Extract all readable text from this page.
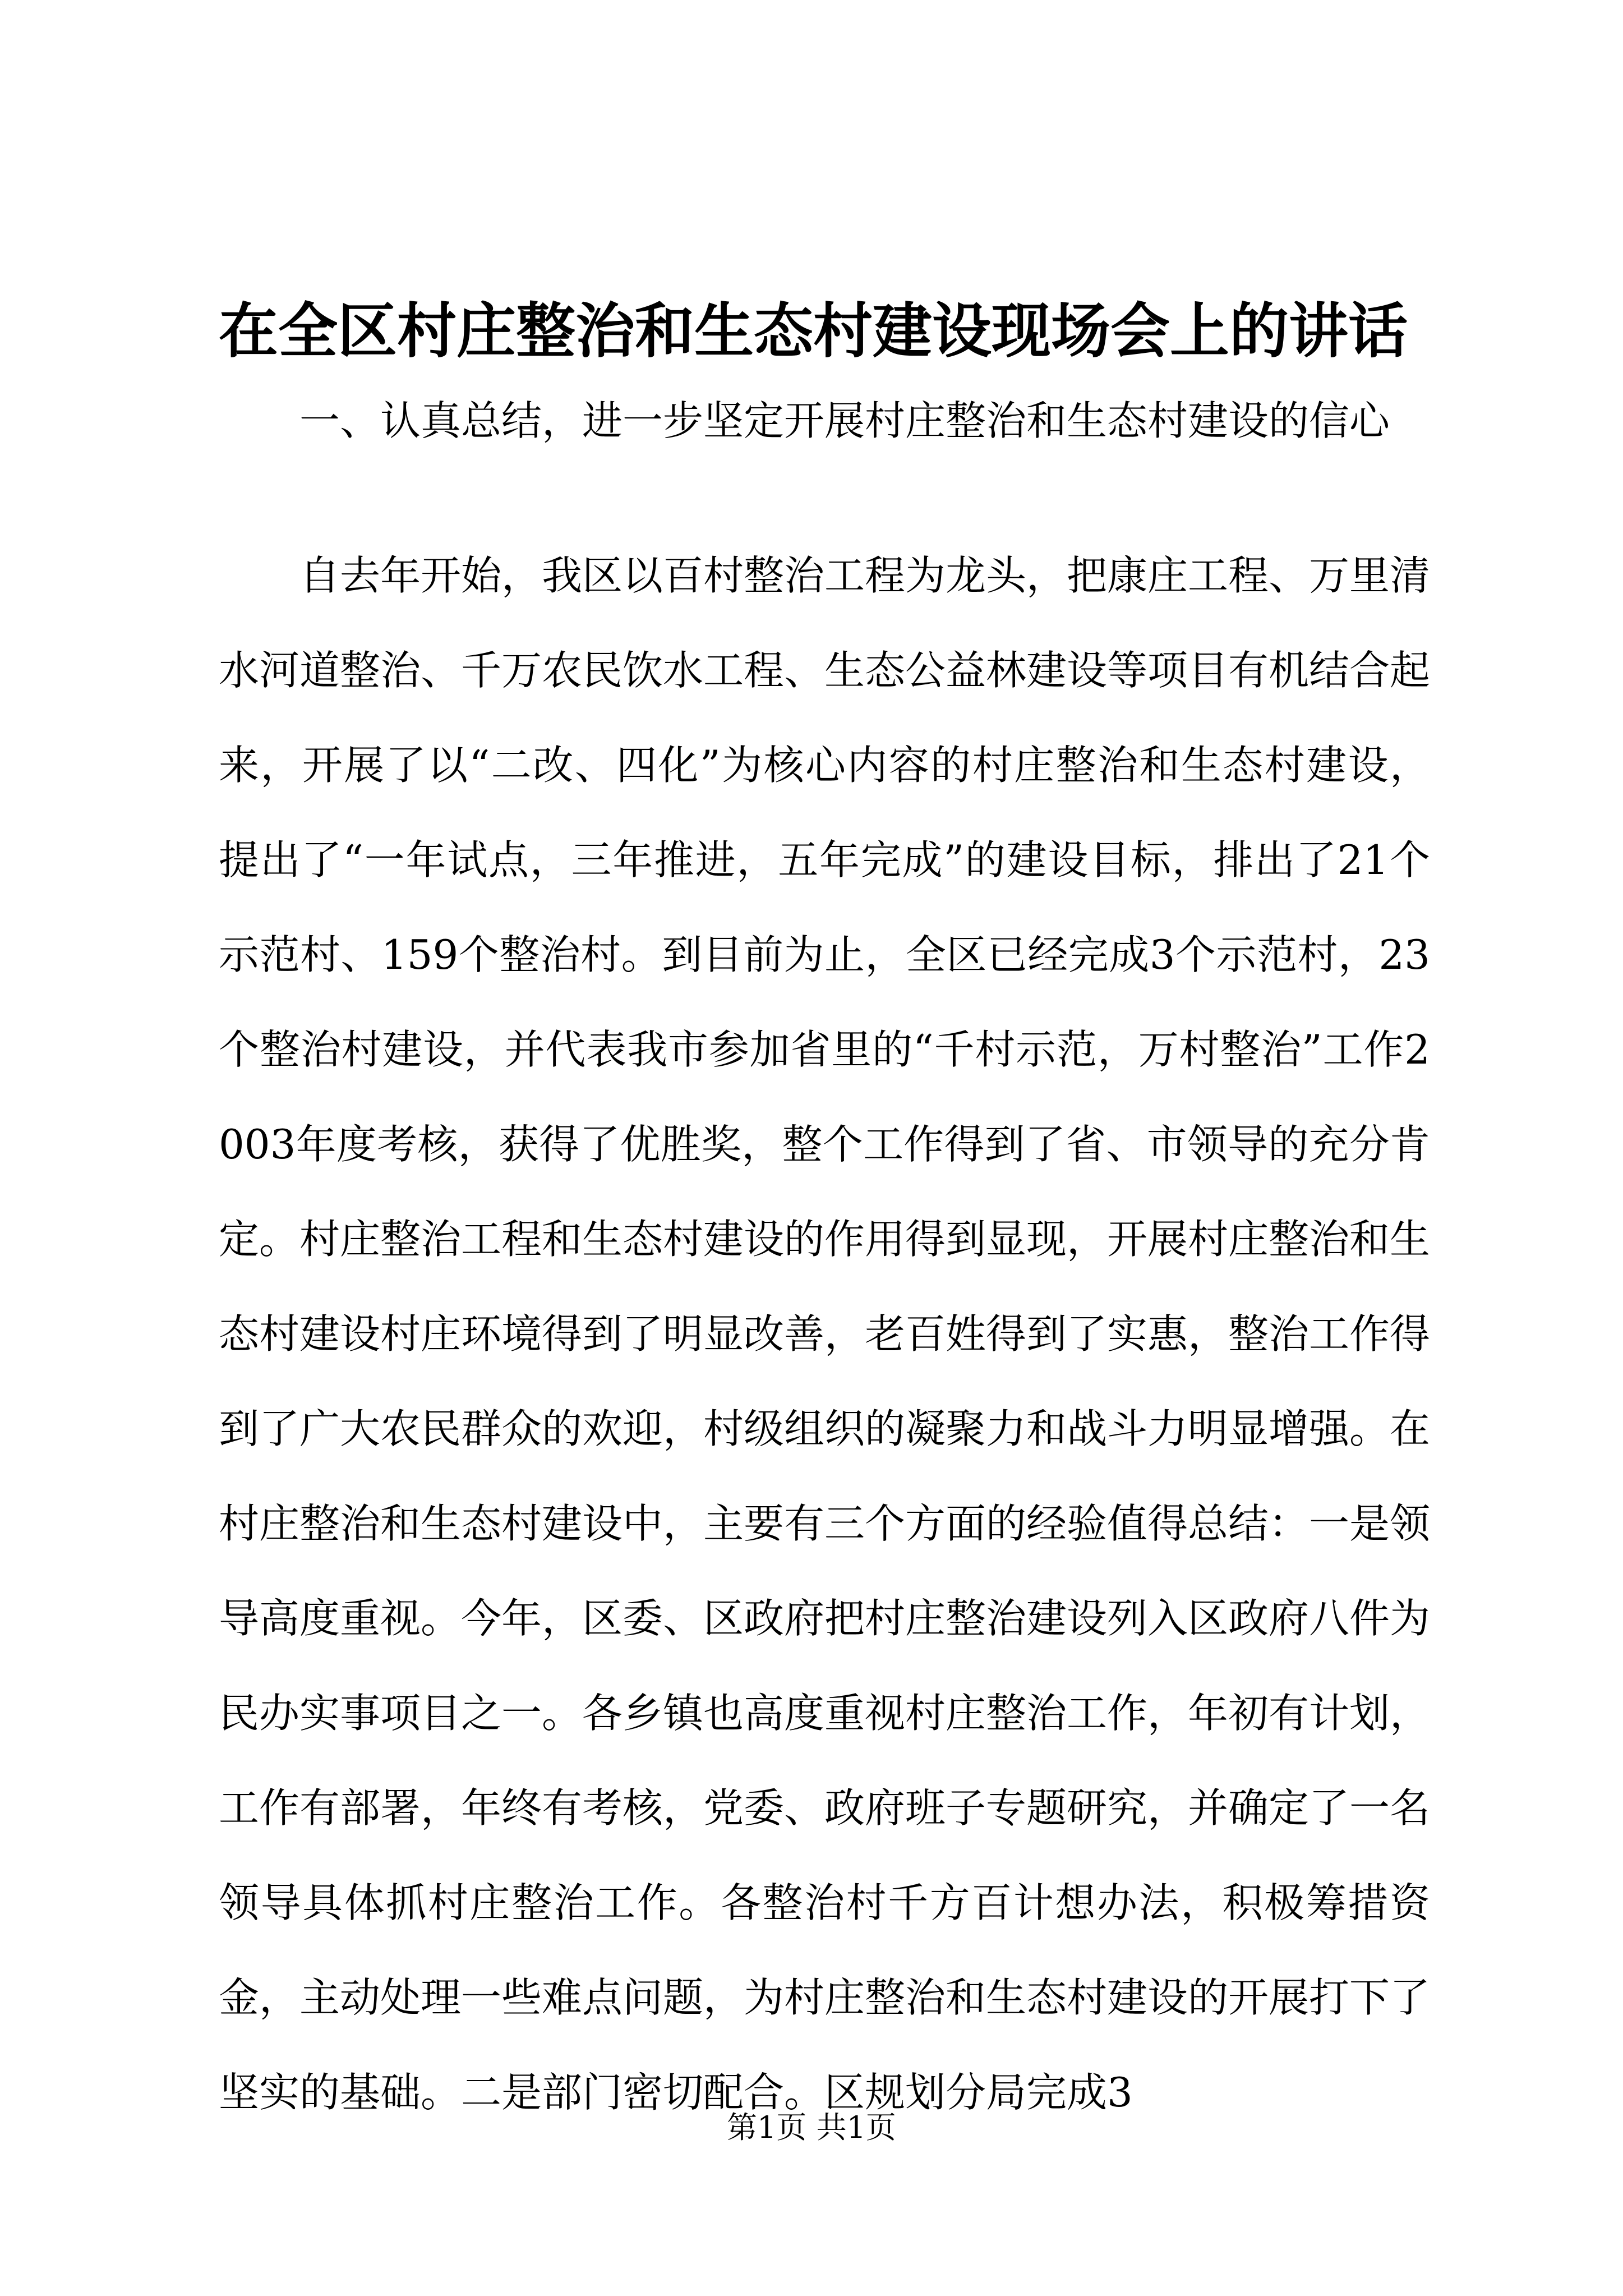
在全区村庄整治和生态村建设现场会上的讲话

一、认真总结，进一步坚定开展村庄整治和生态村建设的信心

自去年开始，我区以百村整治工程为龙头，把康庄工程、万里清水河道整治、千万农民饮水工程、生态公益林建设等项目有机结合起来，开展了以“二改、四化”为核心内容的村庄整治和生态村建设，提出了“一年试点，三年推进，五年完成”的建设目标，排出了21个示范村、159个整治村。到目前为止，全区已经完成3个示范村，23个整治村建设，并代表我市参加省里的“千村示范，万村整治”工作2003年度考核，获得了优胜奖，整个工作得到了省、市领导的充分肯定。村庄整治工程和生态村建设的作用得到显现，开展村庄整治和生态村建设村庄环境得到了明显改善，老百姓得到了实惠，整治工作得到了广大农民群众的欢迎，村级组织的凝聚力和战斗力明显增强。在村庄整治和生态村建设中，主要有三个方面的经验值得总结：一是领导高度重视。今年，区委、区政府把村庄整治建设列入区政府八件为民办实事项目之一。各乡镇也高度重视村庄整治工作，年初有计划，工作有部署，年终有考核，党委、政府班子专题研究，并确定了一名领导具体抓村庄整治工作。各整治村千方百计想办法，积极筹措资金，主动处理一些难点问题，为村庄整治和生态村建设的开展打下了坚实的基础。二是部门密切配合。区规划分局完成3

第1页 共1页
